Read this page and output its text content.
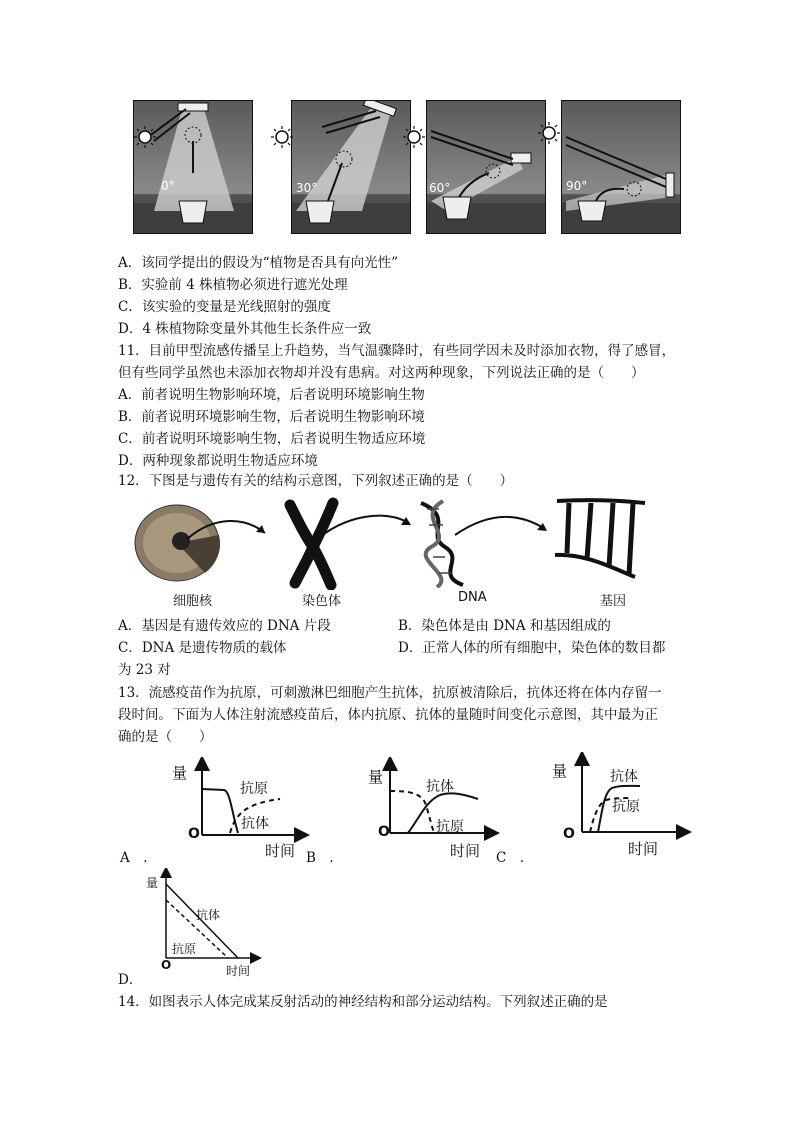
0°	30°	60°	90°
A．该同学提出的假设为“植物是否具有向光性”
B．实验前 4 株植物必须进行遮光处理
C．该实验的变量是光线照射的强度
D．4 株植物除变量外其他生长条件应一致
11．目前甲型流感传播呈上升趋势，当气温骤降时，有些同学因未及时添加衣物，得了感冒，
但有些同学虽然也未添加衣物却并没有患病。对这两种现象，下列说法正确的是（　　）
A．前者说明生物影响环境，后者说明环境影响生物
B．前者说明环境影响生物，后者说明生物影响环境
C．前者说明环境影响生物，后者说明生物适应环境
D．两种现象都说明生物适应环境
12．下图是与遗传有关的结构示意图，下列叙述正确的是（　　）
细胞核	染色体	DNA	基因
A．基因是有遗传效应的 DNA 片段	B．染色体是由 DNA 和基因组成的
C．DNA 是遗传物质的载体	D．正常人体的所有细胞中，染色体的数目都
为 23 对
13．流感疫苗作为抗原，可刺激淋巴细胞产生抗体，抗原被清除后，抗体还将在体内存留一
段时间。下面为人体注射流感疫苗后，体内抗原、抗体的量随时间变化示意图，其中最为正
确的是（　　）
量
O
抗原
抗体
时间
A　．
量
O
抗体
抗原
时间
B　．
量
O
抗体
抗原
时间
C　．
量
O
抗体
抗原
时间
D．
14．如图表示人体完成某反射活动的神经结构和部分运动结构。下列叙述正确的是
